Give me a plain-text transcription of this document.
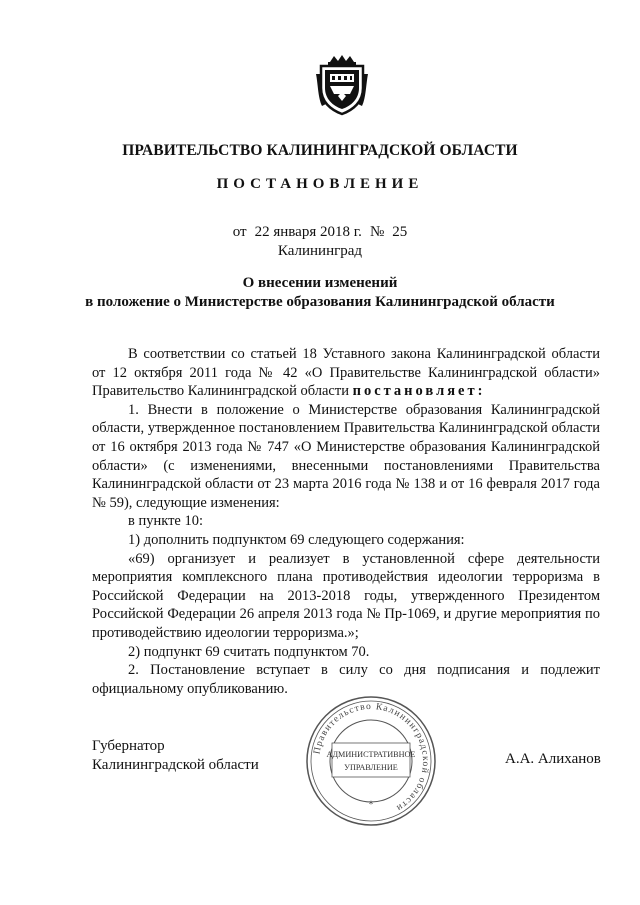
ПРАВИТЕЛЬСТВО КАЛИНИНГРАДСКОЙ ОБЛАСТИ
ПОСТАНОВЛЕНИЕ
от 22 января 2018 г. № 25
Калининград
О внесении изменений
в положение о Министерстве образования Калининградской области

В соответствии со статьей 18 Уставного закона Калининградской области от 12 октября 2011 года № 42 «О Правительстве Калининградской области» Правительство Калининградской области постановляет:

1. Внести в положение о Министерстве образования Калининградской области, утвержденное постановлением Правительства Калининградской области от 16 октября 2013 года № 747 «О Министерстве образования Калининградской области» (с изменениями, внесенными постановлениями Правительства Калининградской области от 23 марта 2016 года № 138 и от 16 февраля 2017 года № 59), следующие изменения:

в пункте 10:

1) дополнить подпунктом 69 следующего содержания:

«69) организует и реализует в установленной сфере деятельности мероприятия комплексного плана противодействия идеологии терроризма в Российской Федерации на 2013-2018 годы, утвержденного Президентом Российской Федерации 26 апреля 2013 года № Пр-1069, и другие мероприятия по противодействию идеологии терроризма.»;

2) подпункт 69 считать подпунктом 70.

2. Постановление вступает в силу со дня подписания и подлежит официальному опубликованию.

Губернатор
Калининградской области	А.А. Алиханов
Правительство Калининградской области
АДМИНИСТРАТИВНОЕ
УПРАВЛЕНИЕ
*
